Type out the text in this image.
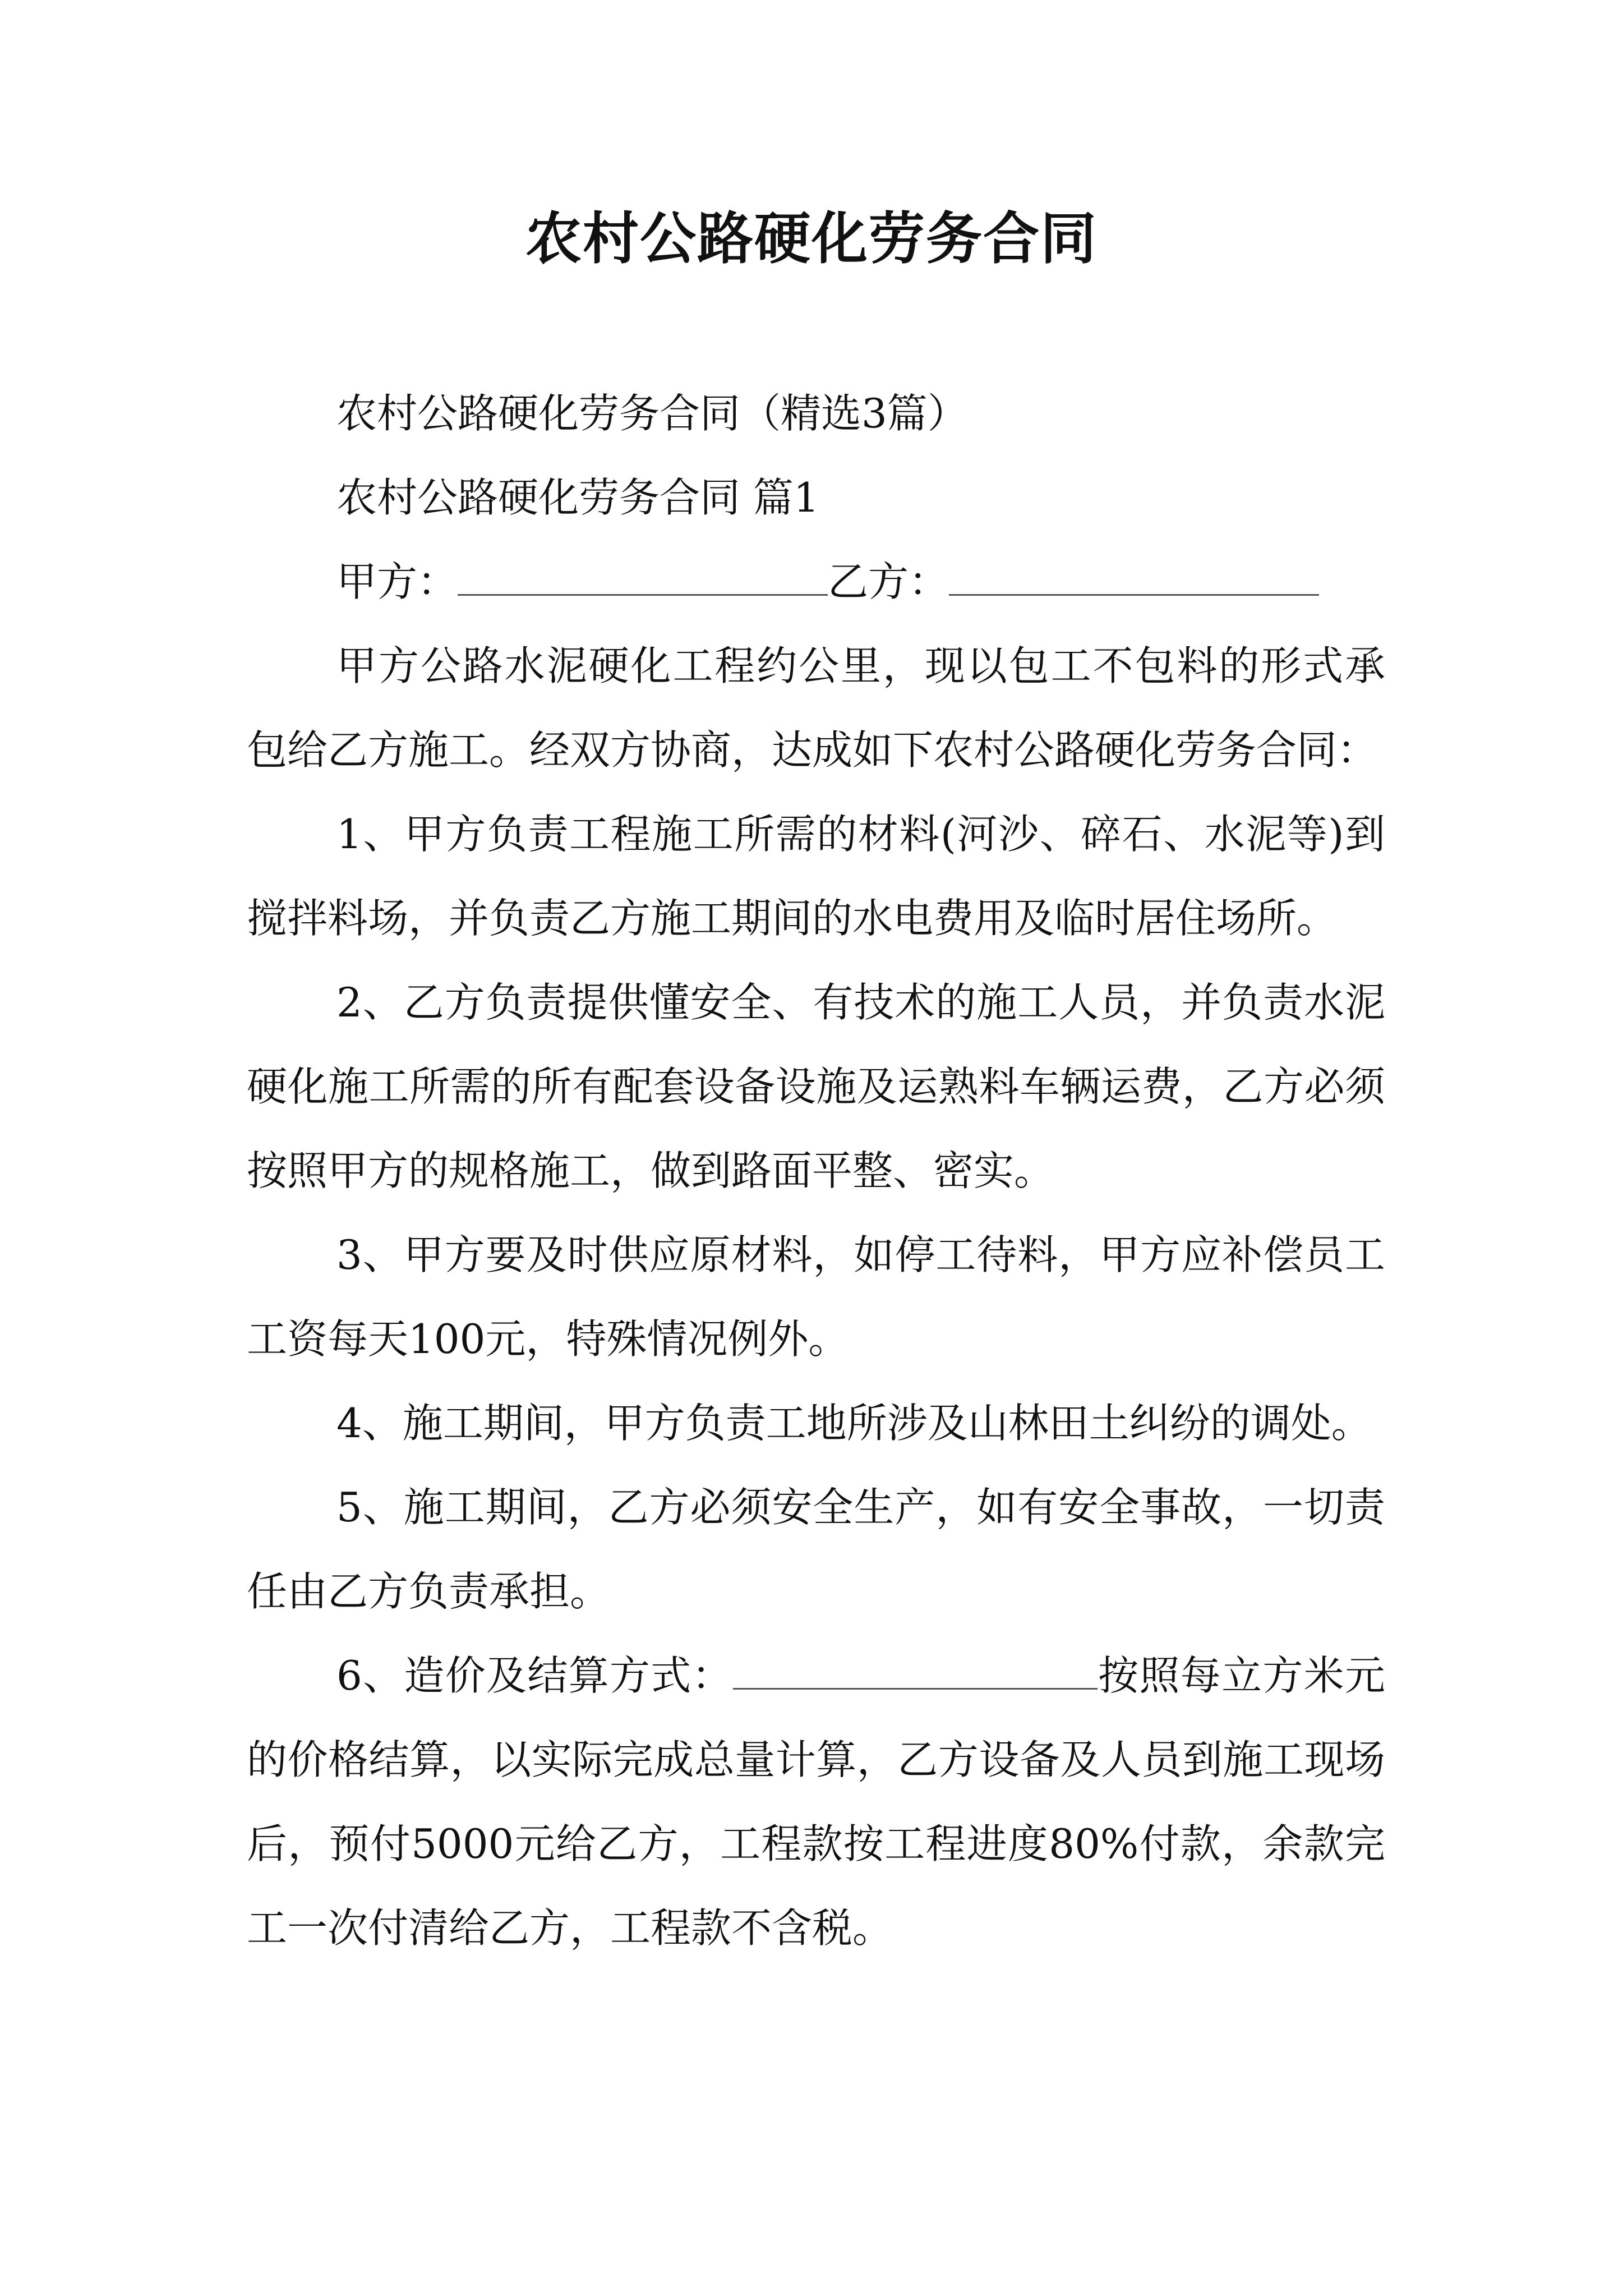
农村公路硬化劳务合同

农村公路硬化劳务合同（精选3篇）

农村公路硬化劳务合同 篇1

甲方：	乙方：

甲方公路水泥硬化工程约公里，现以包工不包料的形式承包给乙方施工。经双方协商，达成如下农村公路硬化劳务合同：

1、甲方负责工程施工所需的材料(河沙、碎石、水泥等)到搅拌料场，并负责乙方施工期间的水电费用及临时居住场所。

2、乙方负责提供懂安全、有技术的施工人员，并负责水泥硬化施工所需的所有配套设备设施及运熟料车辆运费，乙方必须按照甲方的规格施工，做到路面平整、密实。

3、甲方要及时供应原材料，如停工待料，甲方应补偿员工工资每天100元，特殊情况例外。

4、施工期间，甲方负责工地所涉及山林田土纠纷的调处。

5、施工期间，乙方必须安全生产，如有安全事故，一切责任由乙方负责承担。

6、造价及结算方式：	按照每立方米元的价格结算，以实际完成总量计算，乙方设备及人员到施工现场后，预付5000元给乙方，工程款按工程进度80%付款，余款完工一次付清给乙方，工程款不含税。
